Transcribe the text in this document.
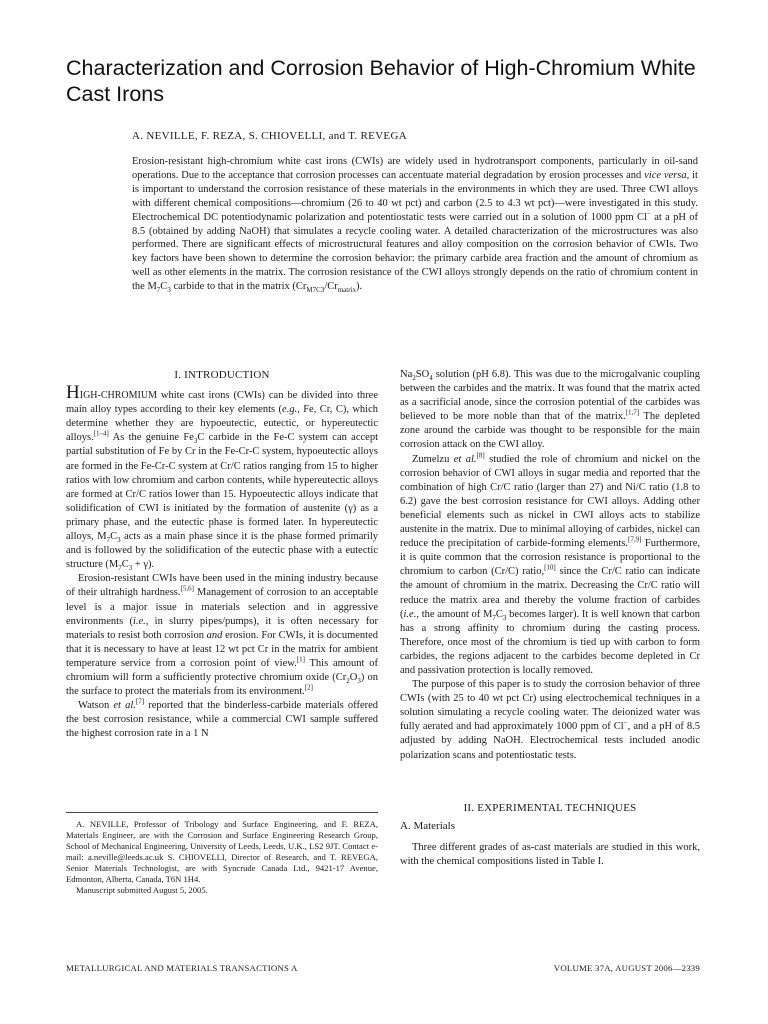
Characterization and Corrosion Behavior of High-Chromium White Cast Irons
A. NEVILLE, F. REZA, S. CHIOVELLI, and T. REVEGA

Erosion-resistant high-chromium white cast irons (CWIs) are widely used in hydrotransport components, particularly in oil-sand operations. Due to the acceptance that corrosion processes can accentuate material degradation by erosion processes and vice versa, it is important to understand the corrosion resistance of these materials in the environments in which they are used. Three CWI alloys with different chemical compositions—chromium (26 to 40 wt pct) and carbon (2.5 to 4.3 wt pct)—were investigated in this study. Electrochemical DC potentiodynamic polarization and potentiostatic tests were carried out in a solution of 1000 ppm Cl− at a pH of 8.5 (obtained by adding NaOH) that simulates a recycle cooling water. A detailed characterization of the microstructures was also performed. There are significant effects of microstructural features and alloy composition on the corrosion behavior of CWIs. Two key factors have been shown to determine the corrosion behavior: the primary carbide area fraction and the amount of chromium as well as other elements in the matrix. The corrosion resistance of the CWI alloys strongly depends on the ratio of chromium content in the $M_7C_3$ carbide to that in the matrix $(Cr_{M7C3}/Cr_{matrix})$.

I. INTRODUCTION

HIGH-CHROMIUM white cast irons (CWIs) can be divided into three main alloy types according to their key elements (e.g., Fe, Cr, C), which determine whether they are hypoeutectic, eutectic, or hypereutectic alloys.[1–4] As the genuine $Fe_3C$ carbide in the Fe-C system can accept partial substitution of Fe by Cr in the Fe-Cr-C system, hypoeutectic alloys are formed in the Fe-Cr-C system at Cr/C ratios ranging from 15 to higher ratios with low chromium and carbon contents, while hypereutectic alloys are formed at Cr/C ratios lower than 15. Hypoeutectic alloys indicate that solidification of CWI is initiated by the formation of austenite (γ) as a primary phase, and the eutectic phase is formed later. In hypereutectic alloys, $M_7C_3$ acts as a main phase since it is the phase formed primarily and is followed by the solidification of the eutectic phase with a eutectic structure $(M_7C_3 + \gamma)$.

Erosion-resistant CWIs have been used in the mining industry because of their ultrahigh hardness.[5,6] Management of corrosion to an acceptable level is a major issue in materials selection and in aggressive environments (i.e., in slurry pipes/pumps), it is often necessary for materials to resist both corrosion and erosion. For CWIs, it is documented that it is necessary to have at least 12 wt pct Cr in the matrix for ambient temperature service from a corrosion point of view.[1] This amount of chromium will form a sufficiently protective chromium oxide $(Cr_2O_3)$ on the surface to protect the materials from its environment.[2]

Watson et al.[7] reported that the binderless-carbide materials offered the best corrosion resistance, while a commercial CWI sample suffered the highest corrosion rate in a 1 N

$Na_2SO_4$ solution (pH 6.8). This was due to the microgalvanic coupling between the carbides and the matrix. It was found that the matrix acted as a sacrificial anode, since the corrosion potential of the carbides was believed to be more noble than that of the matrix.[1,7] The depleted zone around the carbide was thought to be responsible for the main corrosion attack on the CWI alloy.

Zumelzu et al.[8] studied the role of chromium and nickel on the corrosion behavior of CWI alloys in sugar media and reported that the combination of high Cr/C ratio (larger than 27) and Ni/C ratio (1.8 to 6.2) gave the best corrosion resistance for CWI alloys. Adding other beneficial elements such as nickel in CWI alloys acts to stabilize austenite in the matrix. Due to minimal alloying of carbides, nickel can reduce the precipitation of carbide-forming elements.[7,9] Furthermore, it is quite common that the corrosion resistance is proportional to the chromium to carbon (Cr/C) ratio,[10] since the Cr/C ratio can indicate the amount of chromium in the matrix. Decreasing the Cr/C ratio will reduce the matrix area and thereby the volume fraction of carbides (i.e., the amount of $M_7C_3$ becomes larger). It is well known that carbon has a strong affinity to chromium during the casting process. Therefore, once most of the chromium is tied up with carbon to form carbides, the regions adjacent to the carbides become depleted in Cr and passivation protection is locally removed.

The purpose of this paper is to study the corrosion behavior of three CWIs (with 25 to 40 wt pct Cr) using electrochemical techniques in a solution simulating a recycle cooling water. The deionized water was fully aerated and had approximately 1000 ppm of Cl−, and a pH of 8.5 adjusted by adding NaOH. Electrochemical tests included anodic polarization scans and potentiostatic tests.

II. EXPERIMENTAL TECHNIQUES
A. Materials

Three different grades of as-cast materials are studied in this work, with the chemical compositions listed in Table I.

A. NEVILLE, Professor of Tribology and Surface Engineering, and F. REZA, Materials Engineer, are with the Corrosion and Surface Engineering Research Group, School of Mechanical Engineering, University of Leeds, Leeds, U.K., LS2 9JT. Contact e-mail: a.neville@leeds.ac.uk S. CHIOVELLI, Director of Research, and T. REVEGA, Senior Materials Technologist, are with Syncrude Canada Ltd., 9421-17 Avenue, Edmonton, Alberta, Canada, T6N 1H4.

Manuscript submitted August 5, 2005.

METALLURGICAL AND MATERIALS TRANSACTIONS A	VOLUME 37A, AUGUST 2006—2339
